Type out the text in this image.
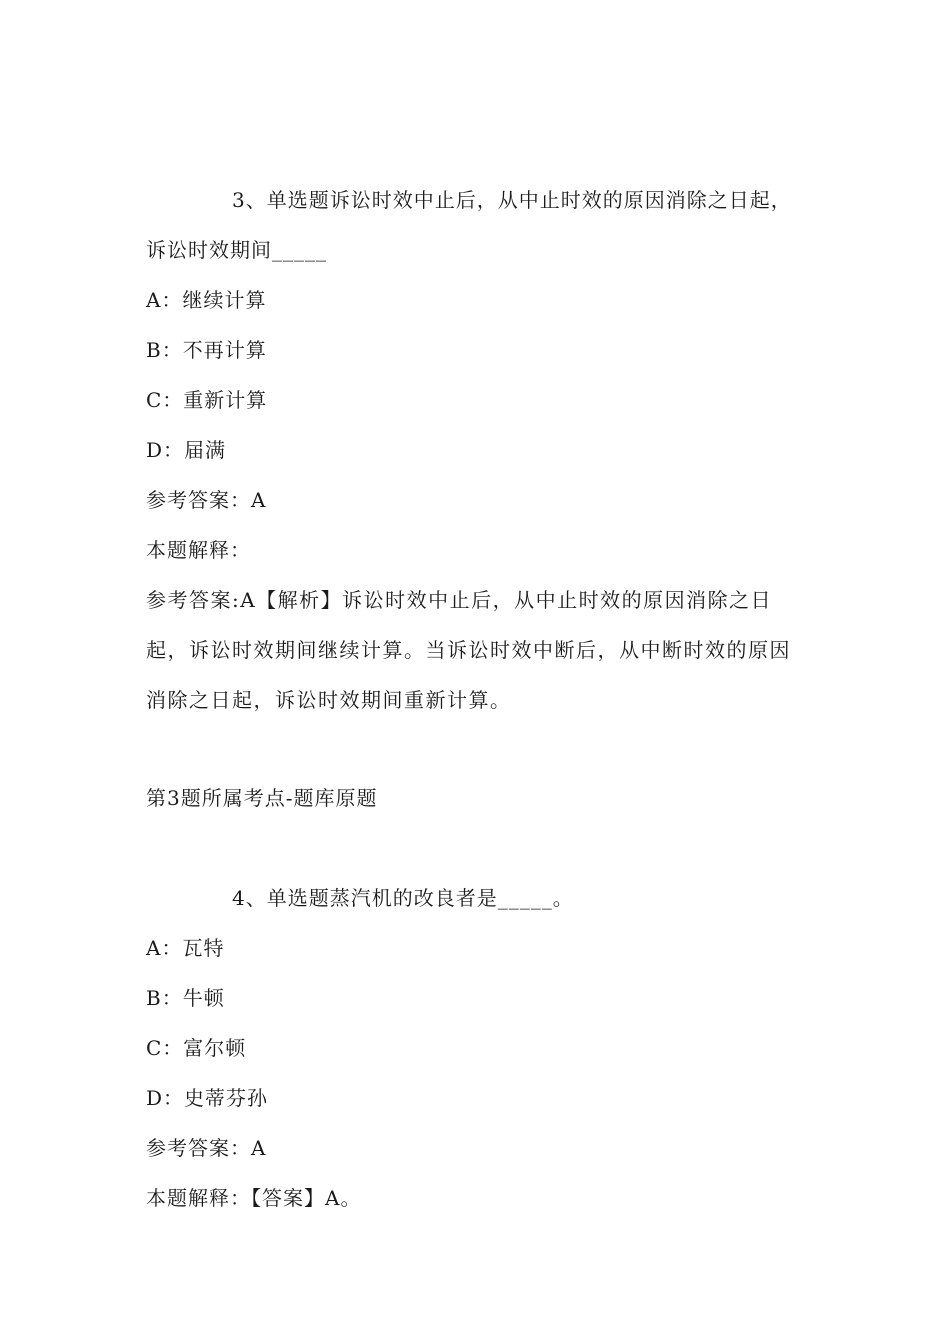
3、单选题诉讼时效中止后，从中止时效的原因消除之日起，
诉讼时效期间_____
A：继续计算
B：不再计算
C：重新计算
D：届满
参考答案：A
本题解释：
参考答案:A【解析】诉讼时效中止后，从中止时效的原因消除之日起，诉讼时效期间继续计算。当诉讼时效中断后，从中断时效的原因消除之日起，诉讼时效期间重新计算。
第3题所属考点-题库原题
4、单选题蒸汽机的改良者是_____。
A：瓦特
B：牛顿
C：富尔顿
D：史蒂芬孙
参考答案：A
本题解释：【答案】A。
